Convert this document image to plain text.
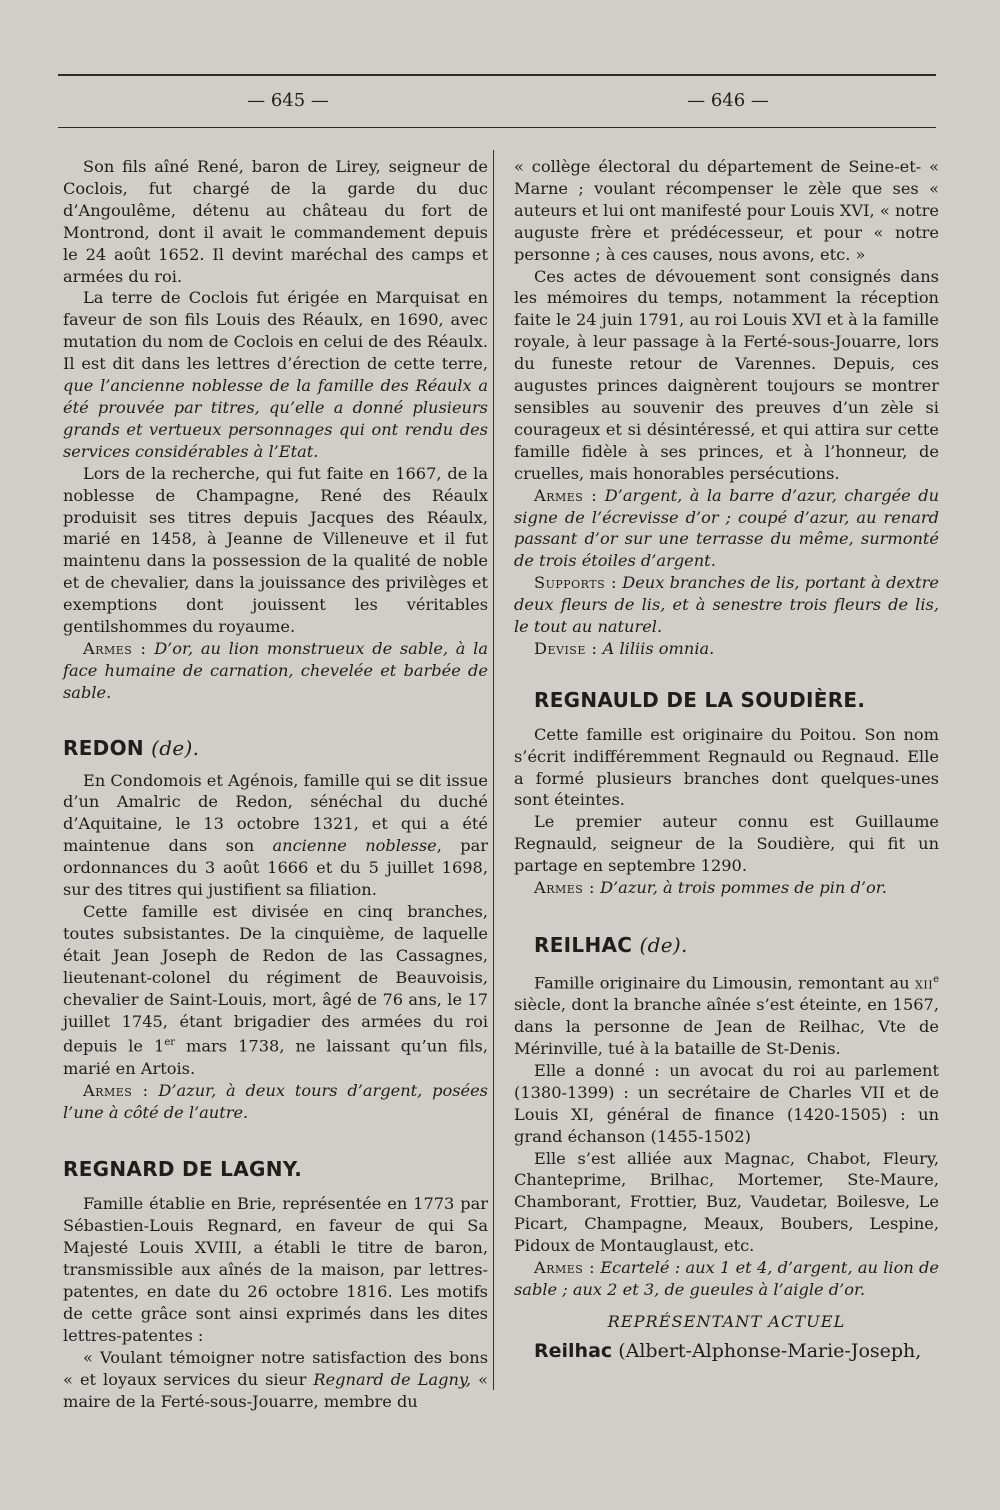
— 645 —	— 646 —

Son fils aîné René, baron de Lirey, seigneur de Coclois, fut chargé de la garde du duc d’Angoulême, détenu au château du fort de Montrond, dont il avait le commandement depuis le 24 août 1652. Il devint maréchal des camps et armées du roi.

La terre de Coclois fut érigée en Marquisat en faveur de son fils Louis des Réaulx, en 1690, avec mutation du nom de Coclois en celui de des Réaulx. Il est dit dans les lettres d’érection de cette terre, que l’ancienne noblesse de la famille des Réaulx a été prouvée par titres, qu’elle a donné plusieurs grands et vertueux personnages qui ont rendu des services considérables à l’Etat.

Lors de la recherche, qui fut faite en 1667, de la noblesse de Champagne, René des Réaulx produisit ses titres depuis Jacques des Réaulx, marié en 1458, à Jeanne de Villeneuve et il fut maintenu dans la possession de la qualité de noble et de chevalier, dans la jouissance des privilèges et exemptions dont jouissent les véritables gentilshommes du royaume.

Armes : D’or, au lion monstrueux de sable, à la face humaine de carnation, chevelée et barbée de sable.

REDON (de).

En Condomois et Agénois, famille qui se dit issue d’un Amalric de Redon, sénéchal du duché d’Aquitaine, le 13 octobre 1321, et qui a été maintenue dans son ancienne noblesse, par ordonnances du 3 août 1666 et du 5 juillet 1698, sur des titres qui justifient sa filiation.

Cette famille est divisée en cinq branches, toutes subsistantes. De la cinquième, de laquelle était Jean Joseph de Redon de las Cassagnes, lieutenant-colonel du régiment de Beauvoisis, chevalier de Saint-Louis, mort, âgé de 76 ans, le 17 juillet 1745, étant brigadier des armées du roi depuis le 1er mars 1738, ne laissant qu’un fils, marié en Artois.

Armes : D’azur, à deux tours d’argent, posées l’une à côté de l’autre.

REGNARD DE LAGNY.

Famille établie en Brie, représentée en 1773 par Sébastien-Louis Regnard, en faveur de qui Sa Majesté Louis XVIII, a établi le titre de baron, transmissible aux aînés de la maison, par lettres-patentes, en date du 26 octobre 1816. Les motifs de cette grâce sont ainsi exprimés dans les dites lettres-patentes :

« Voulant témoigner notre satisfaction des bons « et loyaux services du sieur Regnard de Lagny, « maire de la Ferté-sous-Jouarre, membre du

« collège électoral du département de Seine-et- « Marne ; voulant récompenser le zèle que ses « auteurs et lui ont manifesté pour Louis XVI, « notre auguste frère et prédécesseur, et pour « notre personne ; à ces causes, nous avons, etc. »

Ces actes de dévouement sont consignés dans les mémoires du temps, notamment la réception faite le 24 juin 1791, au roi Louis XVI et à la famille royale, à leur passage à la Ferté-sous-Jouarre, lors du funeste retour de Varennes. Depuis, ces augustes princes daignèrent toujours se montrer sensibles au souvenir des preuves d’un zèle si courageux et si désintéressé, et qui attira sur cette famille fidèle à ses princes, et à l’honneur, de cruelles, mais honorables persécutions.

Armes : D’argent, à la barre d’azur, chargée du signe de l’écrevisse d’or ; coupé d’azur, au renard passant d’or sur une terrasse du même, surmonté de trois étoiles d’argent.

Supports : Deux branches de lis, portant à dextre deux fleurs de lis, et à senestre trois fleurs de lis, le tout au naturel.

Devise : A liliis omnia.

REGNAULD DE LA SOUDIÈRE.

Cette famille est originaire du Poitou. Son nom s’écrit indifféremment Regnauld ou Regnaud. Elle a formé plusieurs branches dont quelques-unes sont éteintes.

Le premier auteur connu est Guillaume Regnauld, seigneur de la Soudière, qui fit un partage en septembre 1290.

Armes : D’azur, à trois pommes de pin d’or.

REILHAC (de).

Famille originaire du Limousin, remontant au xii$^e$ siècle, dont la branche aînée s’est éteinte, en 1567, dans la personne de Jean de Reilhac, Vte de Mérinville, tué à la bataille de St-Denis.

Elle a donné : un avocat du roi au parlement (1380-1399) : un secrétaire de Charles VII et de Louis XI, général de finance (1420-1505) : un grand échanson (1455-1502)

Elle s’est alliée aux Magnac, Chabot, Fleury, Chanteprime, Brilhac, Mortemer, Ste-Maure, Chamborant, Frottier, Buz, Vaudetar, Boilesve, Le Picart, Champagne, Meaux, Boubers, Lespine, Pidoux de Montauglaust, etc.

Armes : Ecartelé : aux 1 et 4, d’argent, au lion de sable ; aux 2 et 3, de gueules à l’aigle d’or.

REPRÉSENTANT ACTUEL

Reilhac (Albert-Alphonse-Marie-Joseph,
